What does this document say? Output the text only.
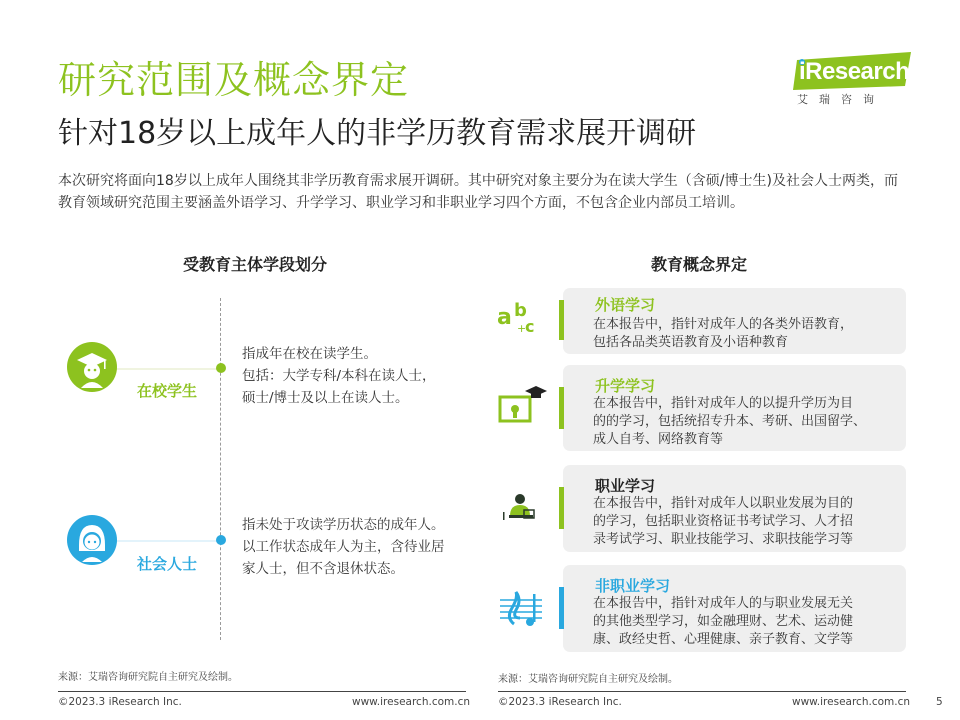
研究范围及概念界定
针对18岁以上成年人的非学历教育需求展开调研
本次研究将面向18岁以上成年人围绕其非学历教育需求展开调研。其中研究对象主要分为在读大学生（含硕/博士生)及社会人士两类，而教育领域研究范围主要涵盖外语学习、升学学习、职业学习和非职业学习四个方面，不包含企业内部员工培训。
iResearch
艾瑞咨询
受教育主体学段划分
在校学生
指成年在校在读学生。
包括：大学专科/本科在读人士，
硕士/博士及以上在读人士。
社会人士
指未处于攻读学历状态的成年人。
以工作状态成年人为主，含待业居
家人士，但不含退休状态。
来源：艾瑞咨询研究院自主研究及绘制。
教育概念界定
a b
c
+
外语学习
在本报告中，指针对成年人的各类外语教育，
包括各品类英语教育及小语种教育
升学学习
在本报告中，指针对成年人的以提升学历为目
的的学习，包括统招专升本、考研、出国留学、
成人自考、网络教育等
职业学习
在本报告中，指针对成年人以职业发展为目的
的学习，包括职业资格证书考试学习、人才招
录考试学习、职业技能学习、求职技能学习等
非职业学习
在本报告中，指针对成年人的与职业发展无关
的其他类型学习，如金融理财、艺术、运动健
康、政经史哲、心理健康、亲子教育、文学等
来源：艾瑞咨询研究院自主研究及绘制。
©2023.3 iResearch Inc.	www.iresearch.com.cn	©2023.3 iResearch Inc.	www.iresearch.com.cn 5
